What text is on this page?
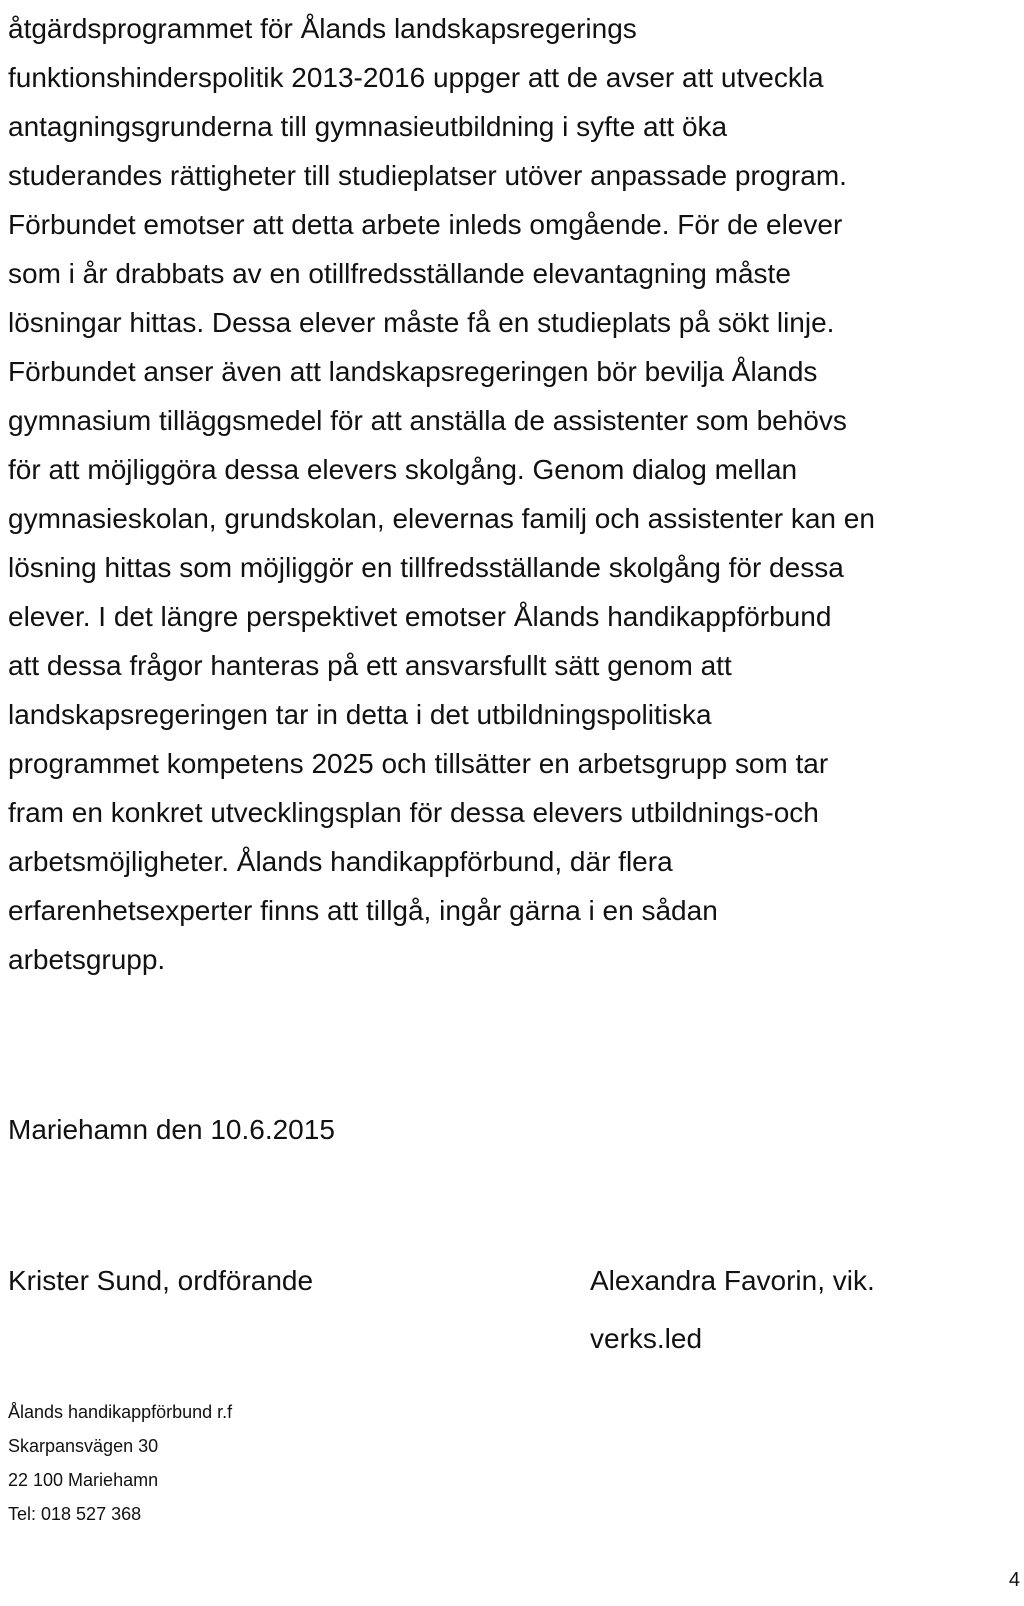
åtgärdsprogrammet för Ålands landskapsregerings
funktionshinderspolitik 2013-2016 uppger att de avser att utveckla
antagningsgrunderna till gymnasieutbildning i syfte att öka
studerandes rättigheter till studieplatser utöver anpassade program.
Förbundet emotser att detta arbete inleds omgående. För de elever
som i år drabbats av en otillfredsställande elevantagning måste
lösningar hittas. Dessa elever måste få en studieplats på sökt linje.
Förbundet anser även att landskapsregeringen bör bevilja Ålands
gymnasium tilläggsmedel för att anställa de assistenter som behövs
för att möjliggöra dessa elevers skolgång. Genom dialog mellan
gymnasieskolan, grundskolan, elevernas familj och assistenter kan en
lösning hittas som möjliggör en tillfredsställande skolgång för dessa
elever. I det längre perspektivet emotser Ålands handikappförbund
att dessa frågor hanteras på ett ansvarsfullt sätt genom att
landskapsregeringen tar in detta i det utbildningspolitiska
programmet kompetens 2025 och tillsätter en arbetsgrupp som tar
fram en konkret utvecklingsplan för dessa elevers utbildnings-och
arbetsmöjligheter. Ålands handikappförbund, där flera
erfarenhetsexperter finns att tillgå, ingår gärna i en sådan
arbetsgrupp.
Mariehamn den 10.6.2015
Krister Sund, ordförande	Alexandra Favorin, vik.
verks.led
Ålands handikappförbund r.f
Skarpansvägen 30
22 100 Mariehamn
Tel: 018 527 368
4
